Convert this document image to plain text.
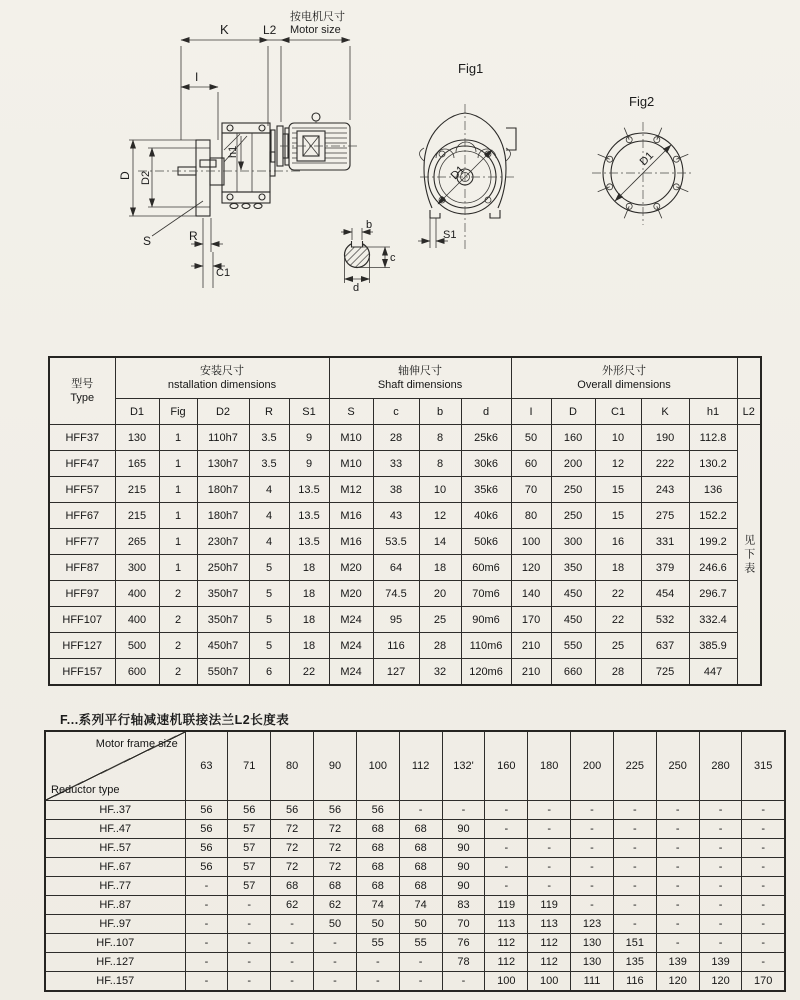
K	L2
按电机尺寸
Motor size
I
D D2
S	R
C1
h1
b
c
d
Fig1
D1
S1
Fig2
D1
型号
Type

安装尺寸
nstallation dimensions

轴伸尺寸
Shaft dimensions

外形尺寸
Overall dimensions

	D1	Fig	D2	R	S1	S	c	b	d	I	D	C1	K	h1	L2
HFF37	130	1	110h7	3.5	9	M10	28	8	25k6	50	160	10	190	112.8	见下表
HFF47	165	1	130h7	3.5	9	M10	33	8	30k6	60	200	12	222	130.2	
HFF57	215	1	180h7	4	13.5	M12	38	10	35k6	70	250	15	243	136	
HFF67	215	1	180h7	4	13.5	M16	43	12	40k6	80	250	15	275	152.2	
HFF77	265	1	230h7	4	13.5	M16	53.5	14	50k6	100	300	16	331	199.2	
HFF87	300	1	250h7	5	18	M20	64	18	60m6	120	350	18	379	246.6	
HFF97	400	2	350h7	5	18	M20	74.5	20	70m6	140	450	22	454	296.7	
HFF107	400	2	350h7	5	18	M24	95	25	90m6	170	450	22	532	332.4	
HFF127	500	2	450h7	5	18	M24	116	28	110m6	210	550	25	637	385.9	
HFF157	600	2	550h7	6	22	M24	127	32	120m6	210	660	28	725	447	
F...系列平行轴减速机联接法兰L2长度表
Motor frame size
Reductor type	63	71	80	90	100	112	132'	160	180	200	225	250	280	315
HF..37	56	56	56	56	56	-	-	-	-	-	-	-	-	-
HF..47	56	57	72	72	68	68	90	-	-	-	-	-	-	-
HF..57	56	57	72	72	68	68	90	-	-	-	-	-	-	-
HF..67	56	57	72	72	68	68	90	-	-	-	-	-	-	-
HF..77	-	57	68	68	68	68	90	-	-	-	-	-	-	-
HF..87	-	-	62	62	74	74	83	119	119	-	-	-	-	-
HF..97	-	-	-	50	50	50	70	113	113	123	-	-	-	-
HF..107	-	-	-	-	55	55	76	112	112	130	151	-	-	-
HF..127	-	-	-	-	-	-	78	112	112	130	135	139	139	-
HF..157	-	-	-	-	-	-	-	100	100	111	116	120	120	170
